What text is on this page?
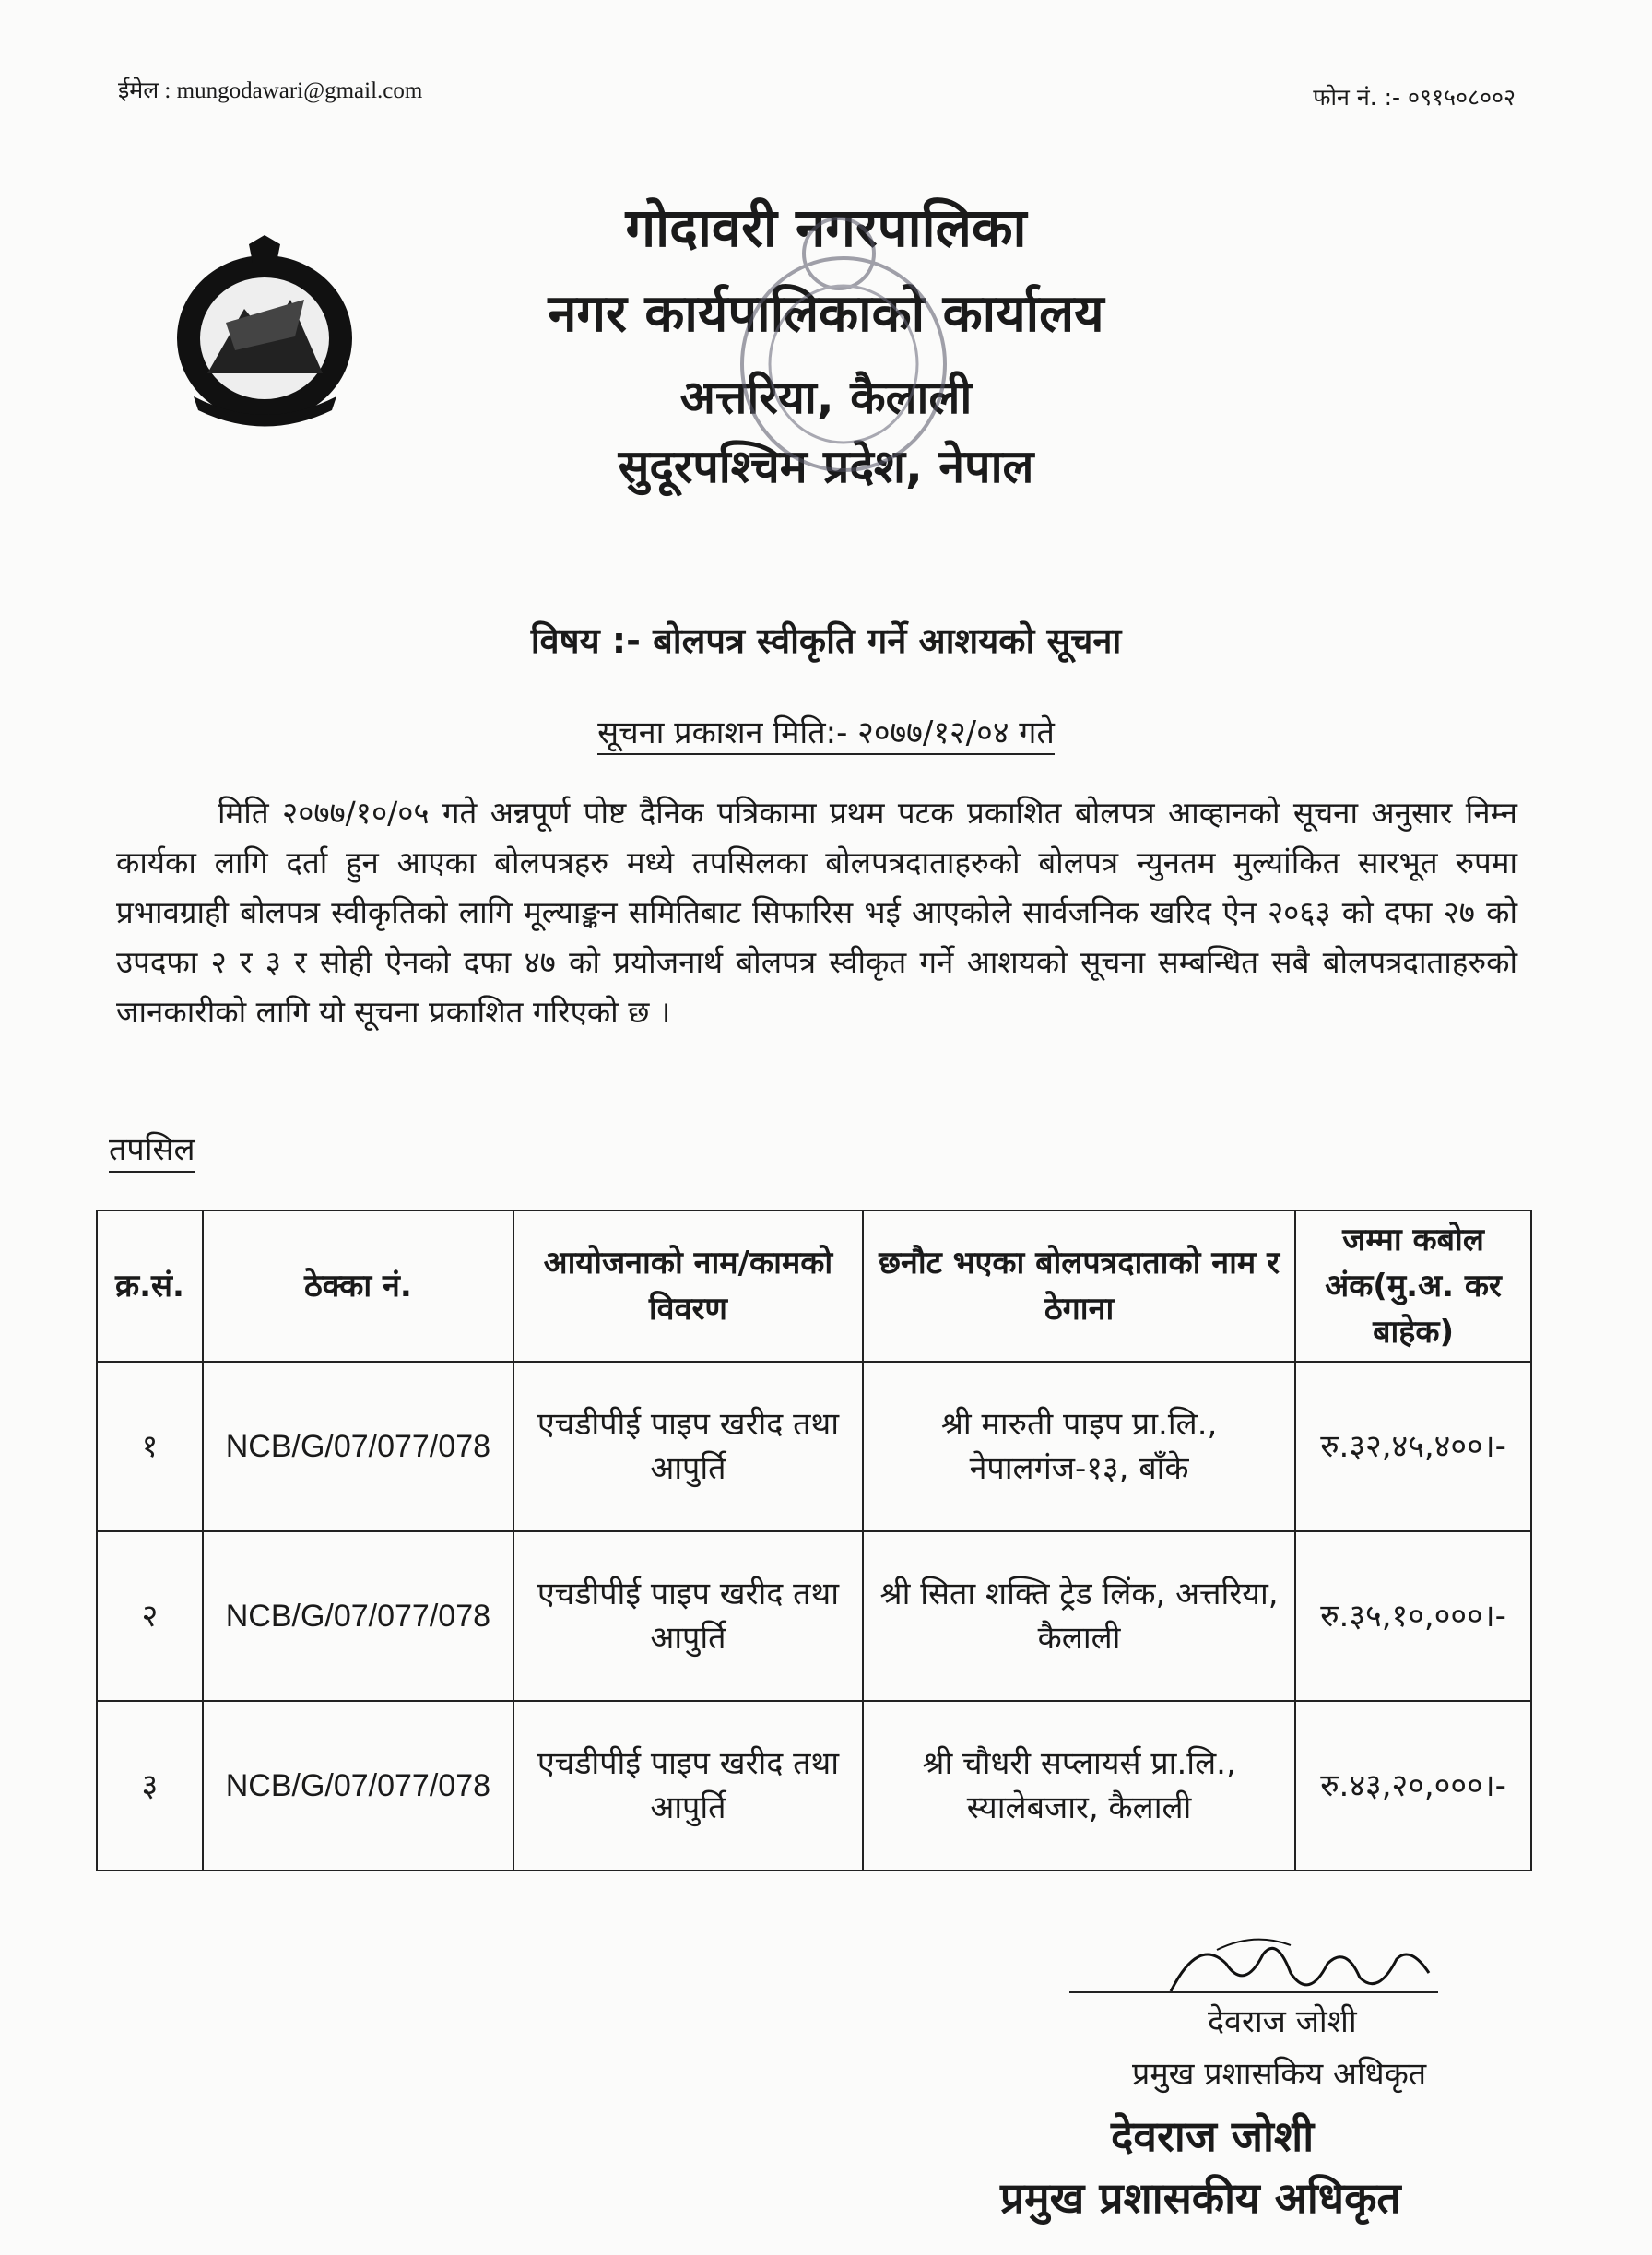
ईमेल : mungodawari@gmail.com	फोन नं. :- ०९१५०८००२
गोदावरी नगरपालिका
नगर कार्यपालिकाको कार्यालय
अत्तरिया, कैलाली
सुदूरपश्चिम प्रदेश, नेपाल
विषय :- बोलपत्र स्वीकृति गर्ने आशयको सूचना
सूचना प्रकाशन मिति:- २०७७/१२/०४ गते
मिति २०७७/१०/०५ गते अन्नपूर्ण पोष्ट दैनिक पत्रिकामा प्रथम पटक प्रकाशित बोलपत्र आव्हानको सूचना अनुसार निम्न कार्यका लागि दर्ता हुन आएका बोलपत्रहरु मध्ये तपसिलका बोलपत्रदाताहरुको बोलपत्र न्युनतम मुल्यांकित सारभूत रुपमा प्रभावग्राही बोलपत्र स्वीकृतिको लागि मूल्याङ्कन समितिबाट सिफारिस भई आएकोले सार्वजनिक खरिद ऐन २०६३ को दफा २७ को उपदफा २ र ३ र सोही ऐनको दफा ४७ को प्रयोजनार्थ बोलपत्र स्वीकृत गर्ने आशयको सूचना सम्बन्धित सबै बोलपत्रदाताहरुको जानकारीको लागि यो सूचना प्रकाशित गरिएको छ ।
तपसिल
क्र.सं.	ठेक्का नं.	आयोजनाको नाम/कामको विवरण	छनौट भएका बोलपत्रदाताको नाम र ठेगाना	जम्मा कबोल अंक(मु.अ. कर बाहेक)
१	NCB/G/07/077/078	एचडीपीई पाइप खरीद तथा आपुर्ति	श्री मारुती पाइप प्रा.लि., नेपालगंज-१३, बाँके	रु.३२,४५,४००।-
२	NCB/G/07/077/078	एचडीपीई पाइप खरीद तथा आपुर्ति	श्री सिता शक्ति ट्रेड लिंक, अत्तरिया, कैलाली	रु.३५,१०,०००।-
३	NCB/G/07/077/078	एचडीपीई पाइप खरीद तथा आपुर्ति	श्री चौधरी सप्लायर्स प्रा.लि., स्यालेबजार, कैलाली	रु.४३,२०,०००।-
देवराज जोशी
प्रमुख प्रशासकिय अधिकृत
देवराज जोशी
प्रमुख प्रशासकीय अधिकृत
